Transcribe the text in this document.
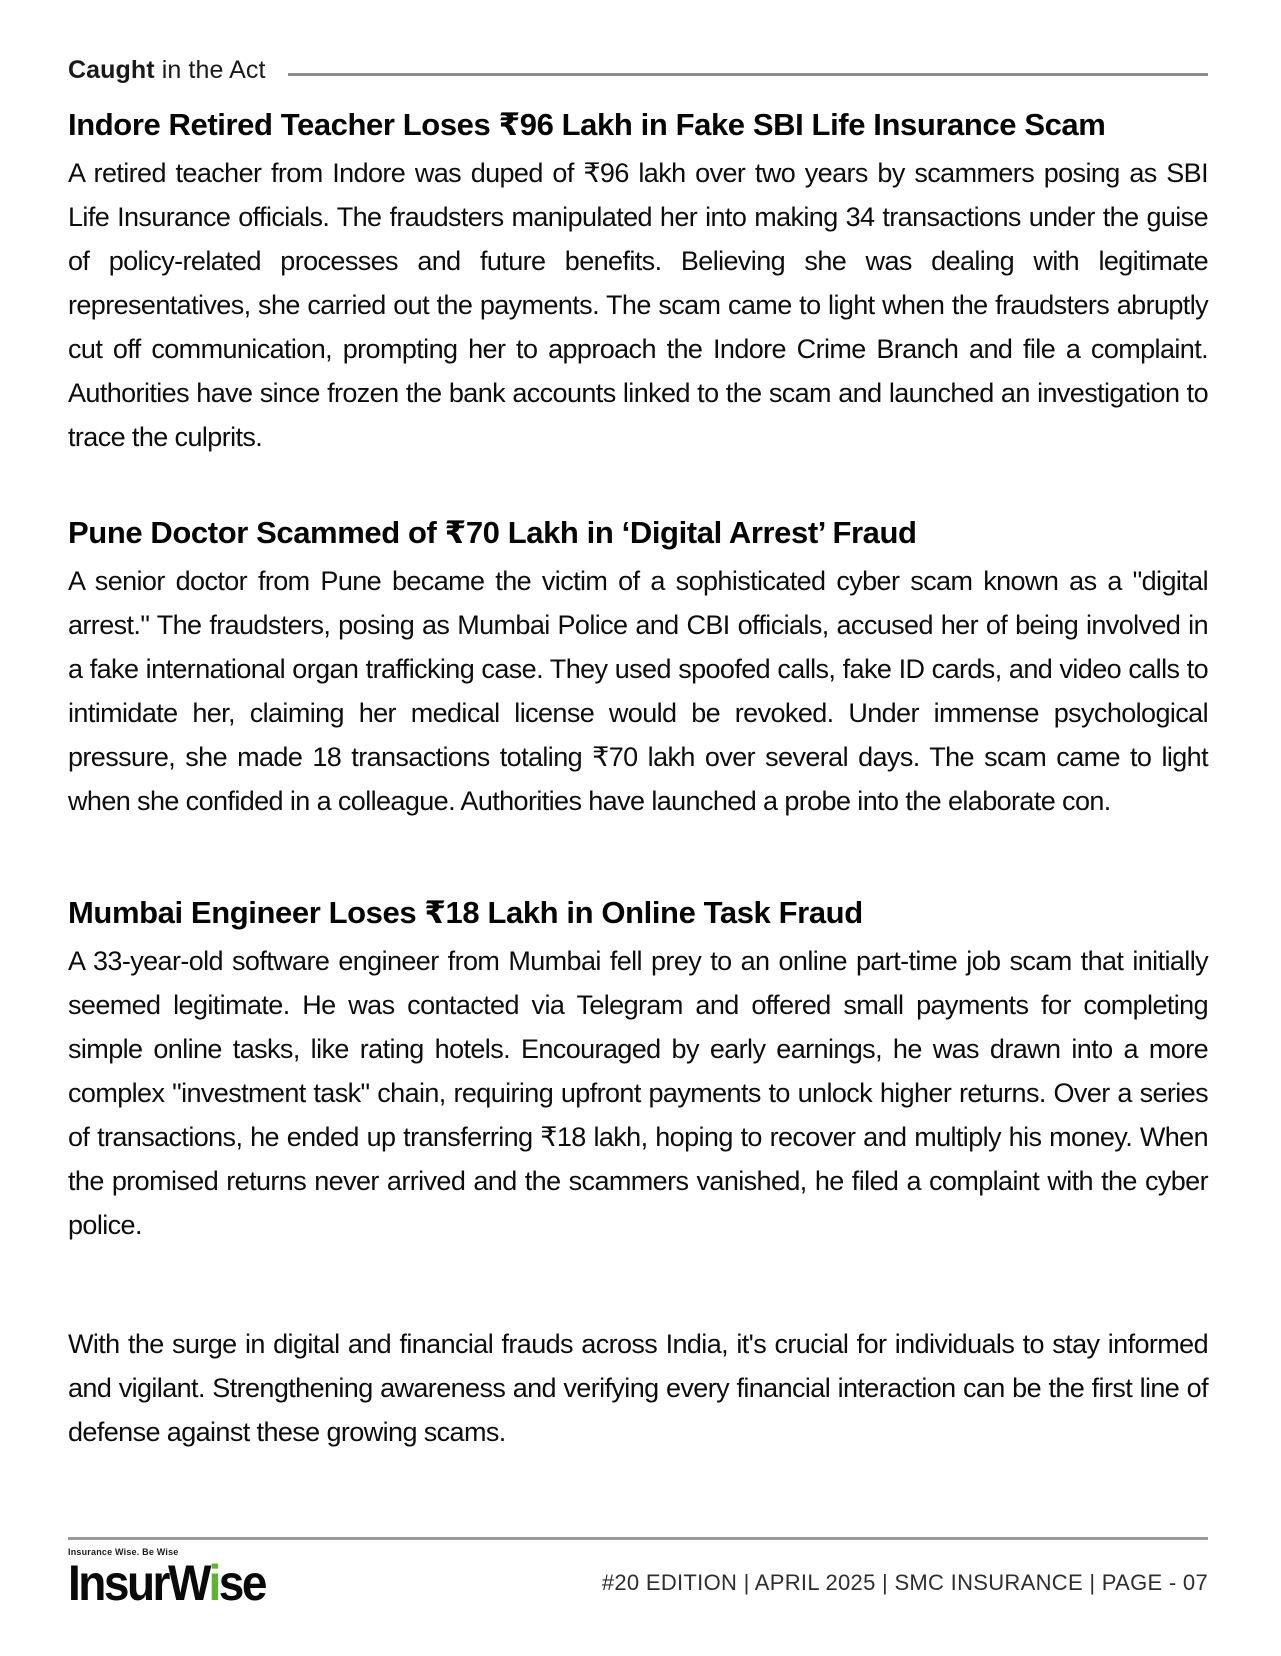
Caught in the Act
Indore Retired Teacher Loses ₹96 Lakh in Fake SBI Life Insurance Scam

A retired teacher from Indore was duped of ₹96 lakh over two years by scammers posing as SBI Life Insurance officials. The fraudsters manipulated her into making 34 transactions under the guise of policy-related processes and future benefits. Believing she was dealing with legitimate representatives, she carried out the payments. The scam came to light when the fraudsters abruptly cut off communication, prompting her to approach the Indore Crime Branch and file a complaint. Authorities have since frozen the bank accounts linked to the scam and launched an investigation to trace the culprits.

Pune Doctor Scammed of ₹70 Lakh in ‘Digital Arrest’ Fraud

A senior doctor from Pune became the victim of a sophisticated cyber scam known as a "digital arrest." The fraudsters, posing as Mumbai Police and CBI officials, accused her of being involved in a fake international organ trafficking case. They used spoofed calls, fake ID cards, and video calls to intimidate her, claiming her medical license would be revoked. Under immense psychological pressure, she made 18 transactions totaling ₹70 lakh over several days. The scam came to light when she confided in a colleague. Authorities have launched a probe into the elaborate con.

Mumbai Engineer Loses ₹18 Lakh in Online Task Fraud

A 33-year-old software engineer from Mumbai fell prey to an online part-time job scam that initially seemed legitimate. He was contacted via Telegram and offered small payments for completing simple online tasks, like rating hotels. Encouraged by early earnings, he was drawn into a more complex "investment task" chain, requiring upfront payments to unlock higher returns. Over a series of transactions, he ended up transferring ₹18 lakh, hoping to recover and multiply his money. When the promised returns never arrived and the scammers vanished, he filed a complaint with the cyber police.

With the surge in digital and financial frauds across India, it's crucial for individuals to stay informed and vigilant. Strengthening awareness and verifying every financial interaction can be the first line of defense against these growing scams.

Insurance Wise. Be Wise
InsurWise	#20 EDITION | APRIL 2025 | SMC INSURANCE | PAGE - 07
